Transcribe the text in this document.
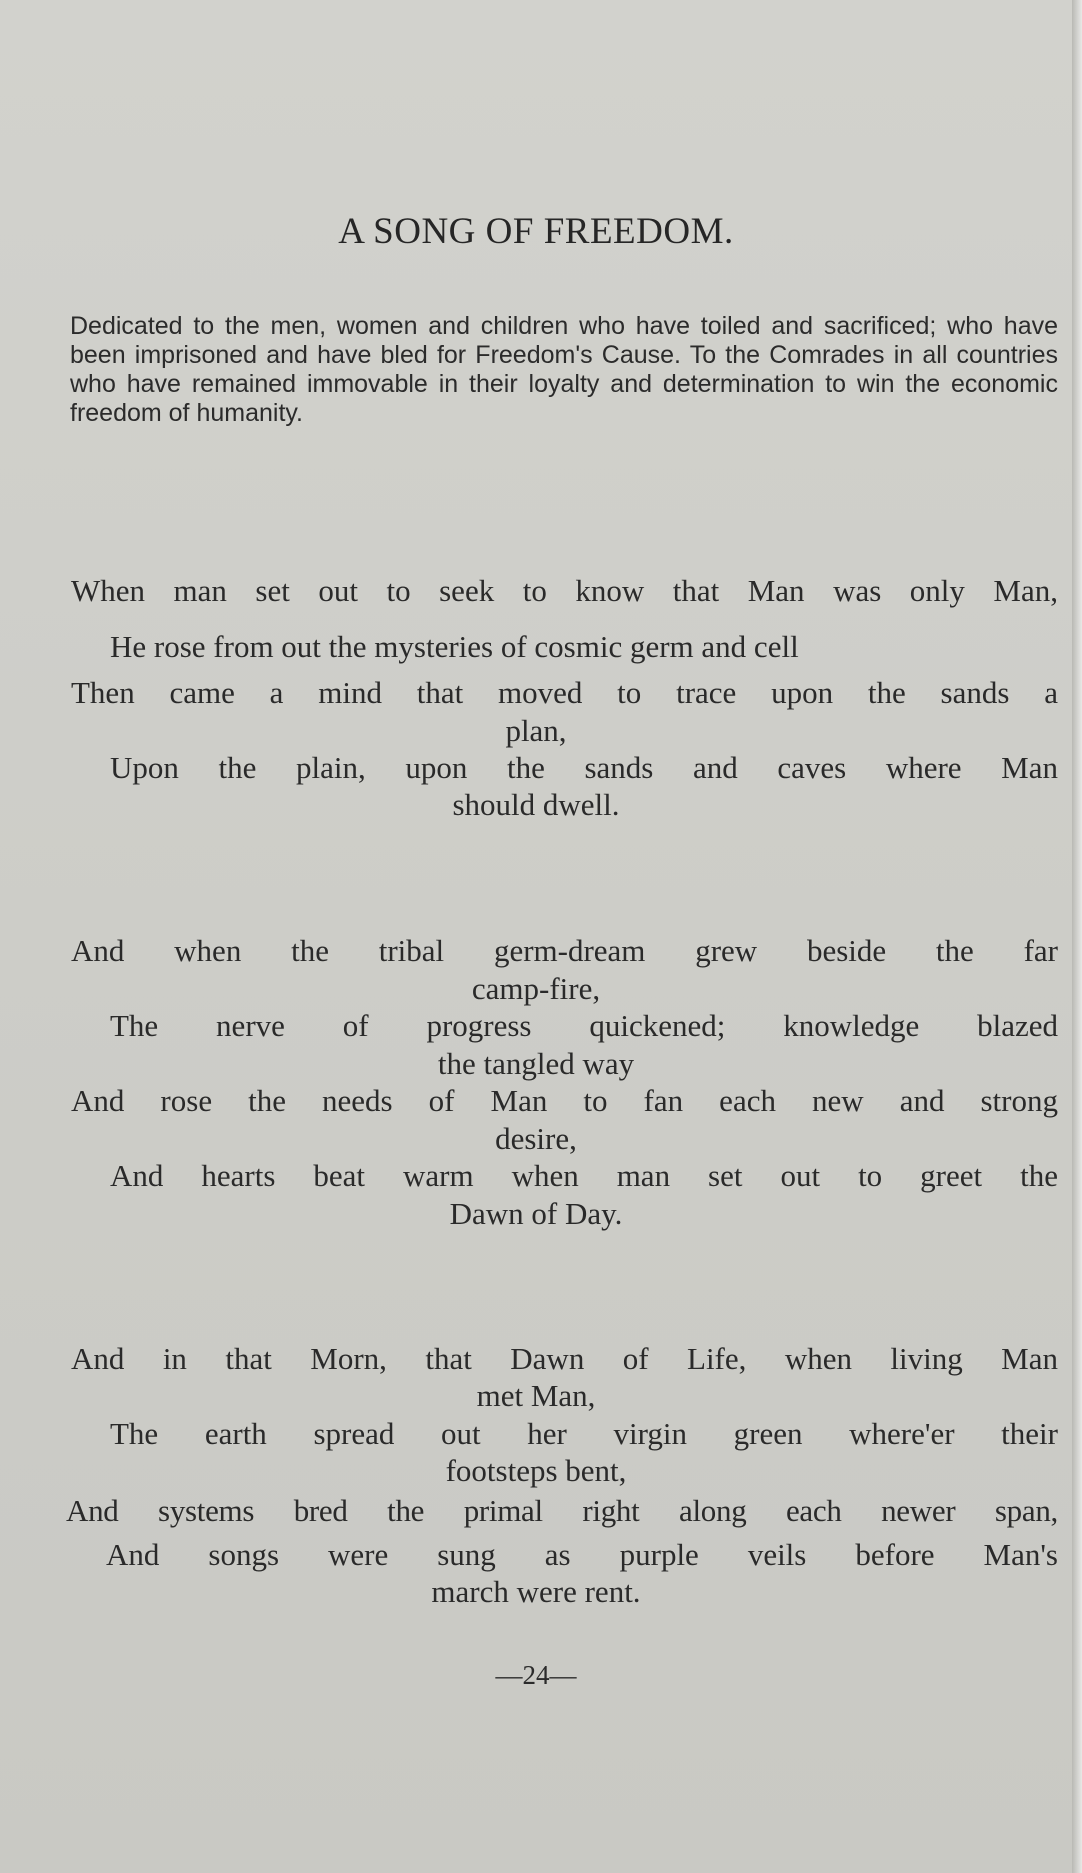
A SONG OF FREEDOM.
Dedicated to the men, women and children who have toiled and sacrificed; who have been imprisoned and have bled for Freedom's Cause. To the Comrades in all countries who have remained immovable in their loyalty and determination to win the economic freedom of humanity.
When man set out to seek to know that Man was only Man,
He rose from out the mysteries of cosmic germ and cell
Then came a mind that moved to trace upon the sands a
plan,
Upon the plain, upon the sands and caves where Man
should dwell.
And when the tribal germ-dream grew beside the far
camp-fire,
The nerve of progress quickened; knowledge blazed
the tangled way
And rose the needs of Man to fan each new and strong
desire,
And hearts beat warm when man set out to greet the
Dawn of Day.
And in that Morn, that Dawn of Life, when living Man
met Man,
The earth spread out her virgin green where'er their
footsteps bent,
And systems bred the primal right along each newer span,
And songs were sung as purple veils before Man's
march were rent.
—24—
